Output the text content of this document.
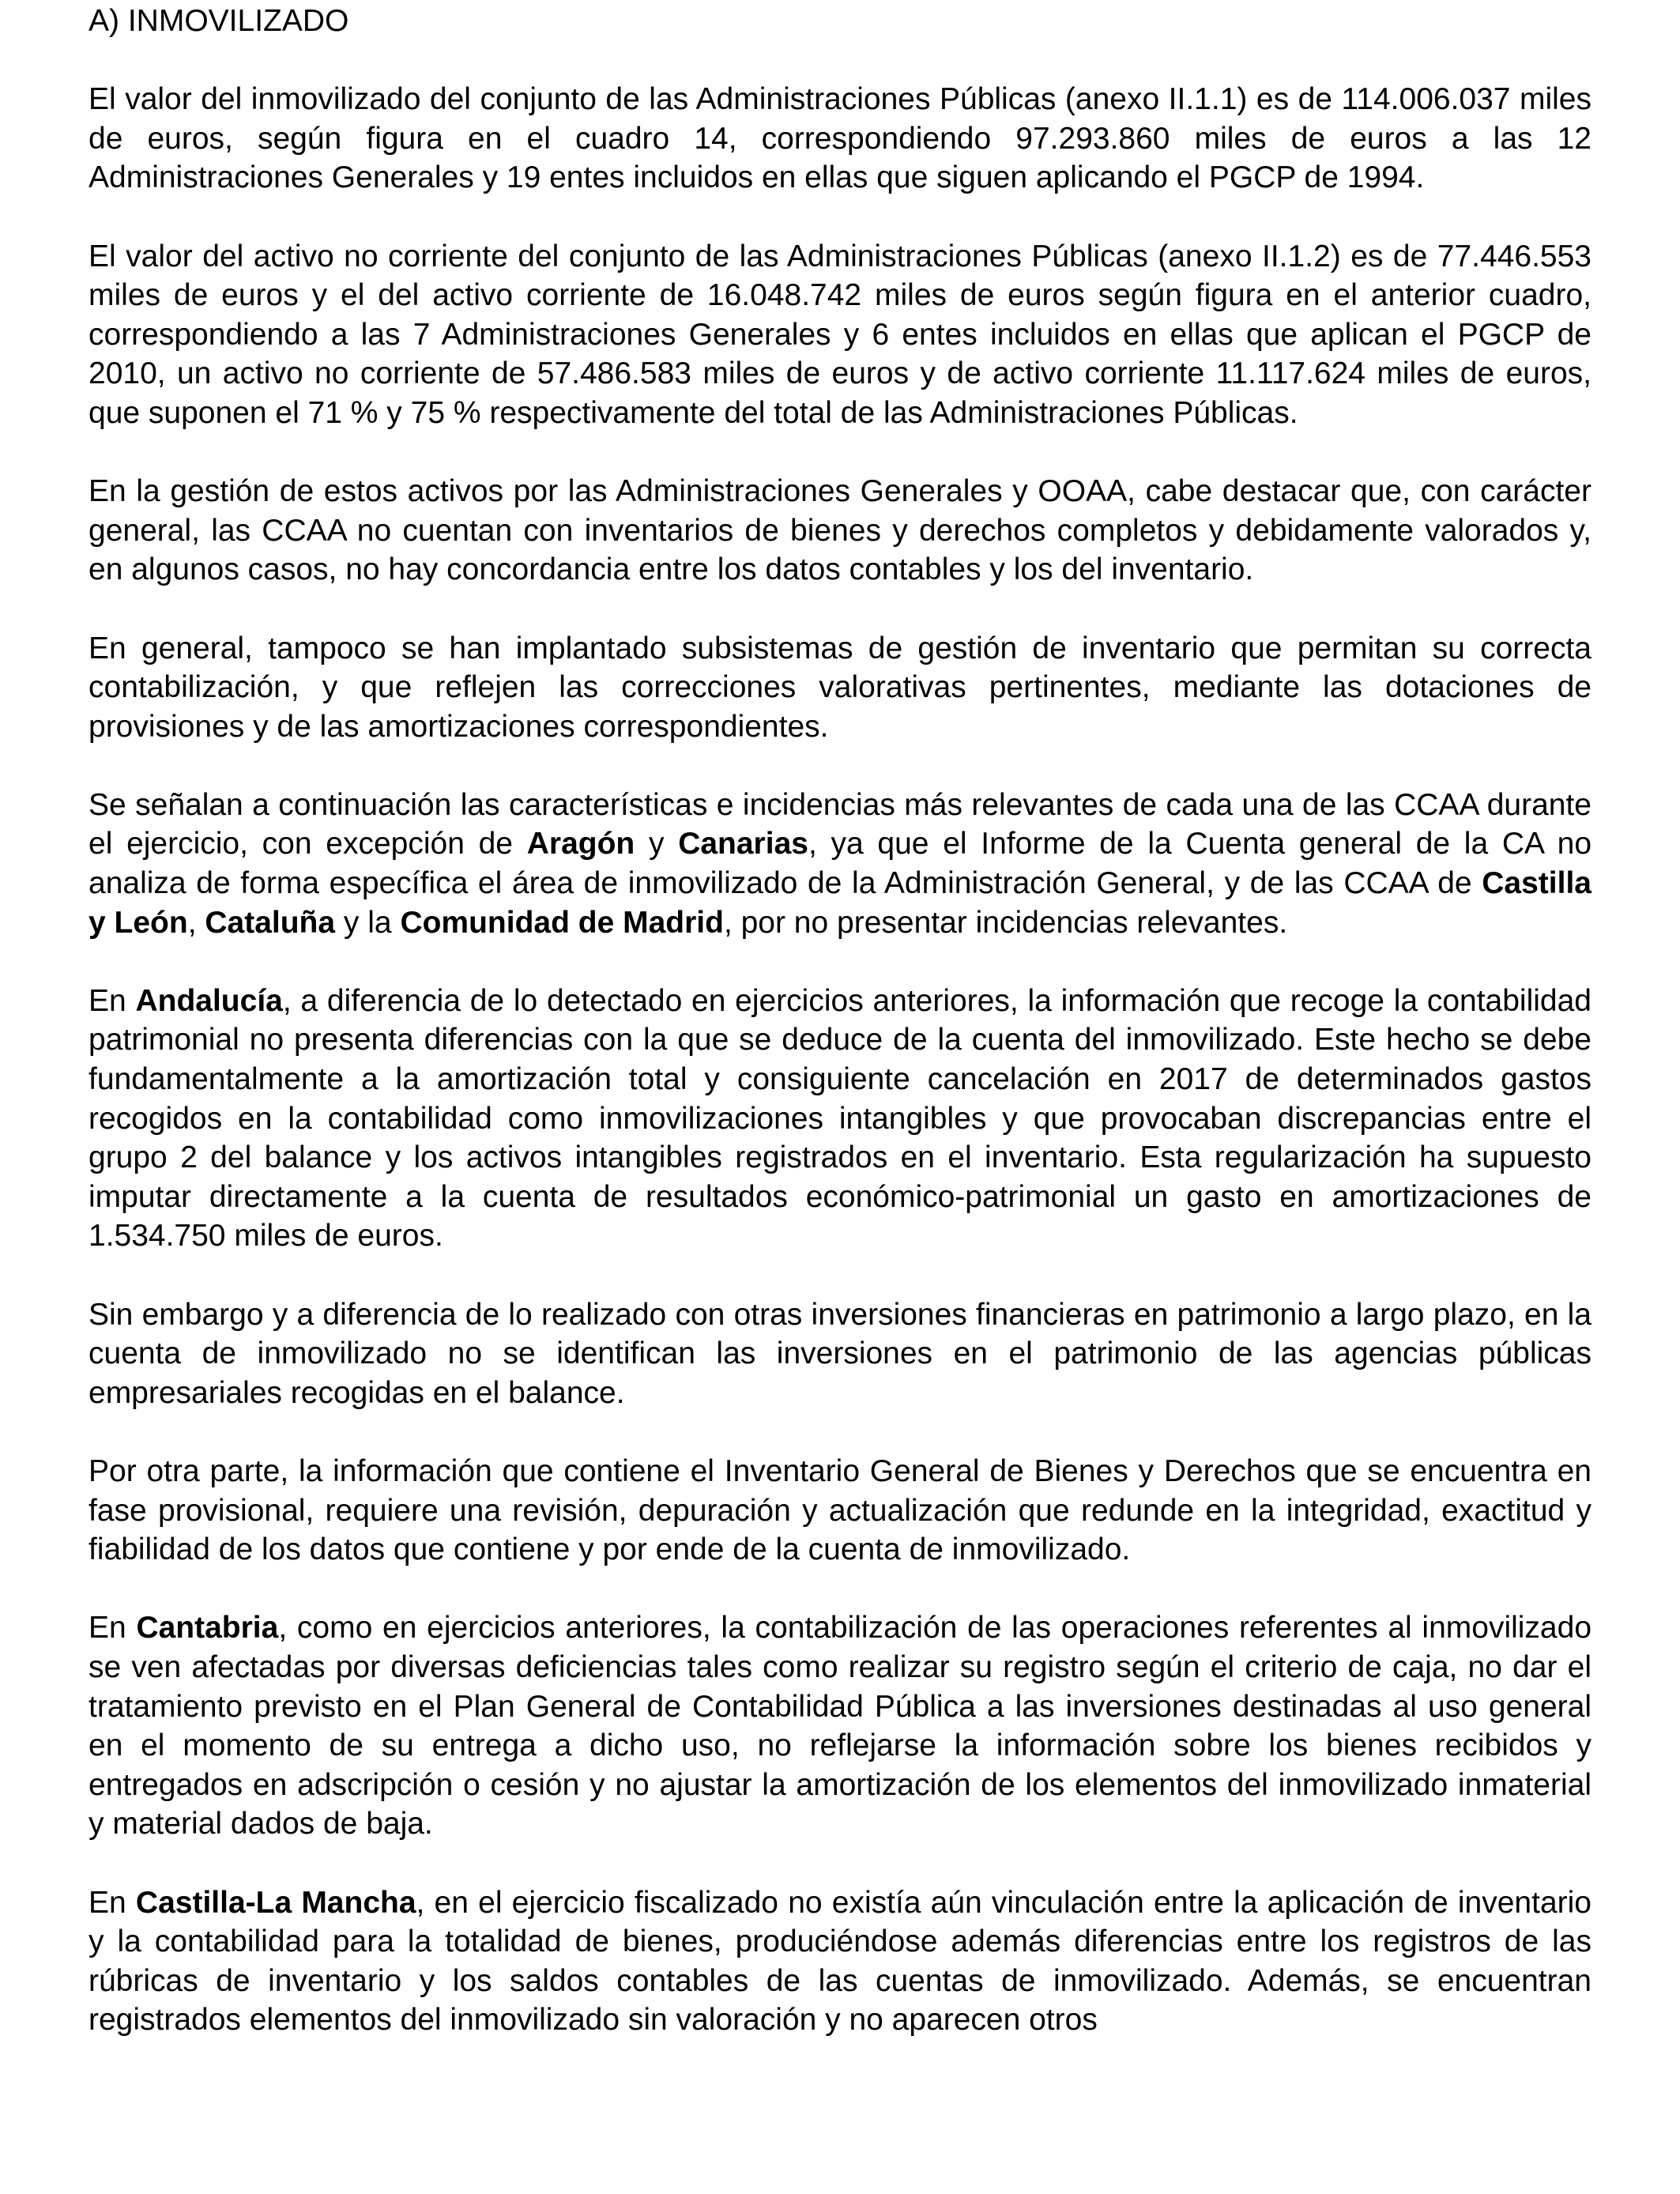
A) INMOVILIZADO

El valor del inmovilizado del conjunto de las Administraciones Públicas (anexo II.1.1) es de 114.006.037 miles de euros, según figura en el cuadro 14, correspondiendo 97.293.860 miles de euros a las 12 Administraciones Generales y 19 entes incluidos en ellas que siguen aplicando el PGCP de 1994.

El valor del activo no corriente del conjunto de las Administraciones Públicas (anexo II.1.2) es de 77.446.553 miles de euros y el del activo corriente de 16.048.742 miles de euros según figura en el anterior cuadro, correspondiendo a las 7 Administraciones Generales y 6 entes incluidos en ellas que aplican el PGCP de 2010, un activo no corriente de 57.486.583 miles de euros y de activo corriente 11.117.624 miles de euros, que suponen el 71 % y 75 % respectivamente del total de las Administraciones Públicas.

En la gestión de estos activos por las Administraciones Generales y OOAA, cabe destacar que, con carácter general, las CCAA no cuentan con inventarios de bienes y derechos completos y debidamente valorados y, en algunos casos, no hay concordancia entre los datos contables y los del inventario.

En general, tampoco se han implantado subsistemas de gestión de inventario que permitan su correcta contabilización, y que reflejen las correcciones valorativas pertinentes, mediante las dotaciones de provisiones y de las amortizaciones correspondientes.

Se señalan a continuación las características e incidencias más relevantes de cada una de las CCAA durante el ejercicio, con excepción de Aragón y Canarias, ya que el Informe de la Cuenta general de la CA no analiza de forma específica el área de inmovilizado de la Administración General, y de las CCAA de Castilla y León, Cataluña y la Comunidad de Madrid, por no presentar incidencias relevantes.

En Andalucía, a diferencia de lo detectado en ejercicios anteriores, la información que recoge la contabilidad patrimonial no presenta diferencias con la que se deduce de la cuenta del inmovilizado. Este hecho se debe fundamentalmente a la amortización total y consiguiente cancelación en 2017 de determinados gastos recogidos en la contabilidad como inmovilizaciones intangibles y que provocaban discrepancias entre el grupo 2 del balance y los activos intangibles registrados en el inventario. Esta regularización ha supuesto imputar directamente a la cuenta de resultados económico-patrimonial un gasto en amortizaciones de 1.534.750 miles de euros.

Sin embargo y a diferencia de lo realizado con otras inversiones financieras en patrimonio a largo plazo, en la cuenta de inmovilizado no se identifican las inversiones en el patrimonio de las agencias públicas empresariales recogidas en el balance.

Por otra parte, la información que contiene el Inventario General de Bienes y Derechos que se encuentra en fase provisional, requiere una revisión, depuración y actualización que redunde en la integridad, exactitud y fiabilidad de los datos que contiene y por ende de la cuenta de inmovilizado.

En Cantabria, como en ejercicios anteriores, la contabilización de las operaciones referentes al inmovilizado se ven afectadas por diversas deficiencias tales como realizar su registro según el criterio de caja, no dar el tratamiento previsto en el Plan General de Contabilidad Pública a las inversiones destinadas al uso general en el momento de su entrega a dicho uso, no reflejarse la información sobre los bienes recibidos y entregados en adscripción o cesión y no ajustar la amortización de los elementos del inmovilizado inmaterial y material dados de baja.

En Castilla-La Mancha, en el ejercicio fiscalizado no existía aún vinculación entre la aplicación de inventario y la contabilidad para la totalidad de bienes, produciéndose además diferencias entre los registros de las rúbricas de inventario y los saldos contables de las cuentas de inmovilizado. Además, se encuentran registrados elementos del inmovilizado sin valoración y no aparecen otros
